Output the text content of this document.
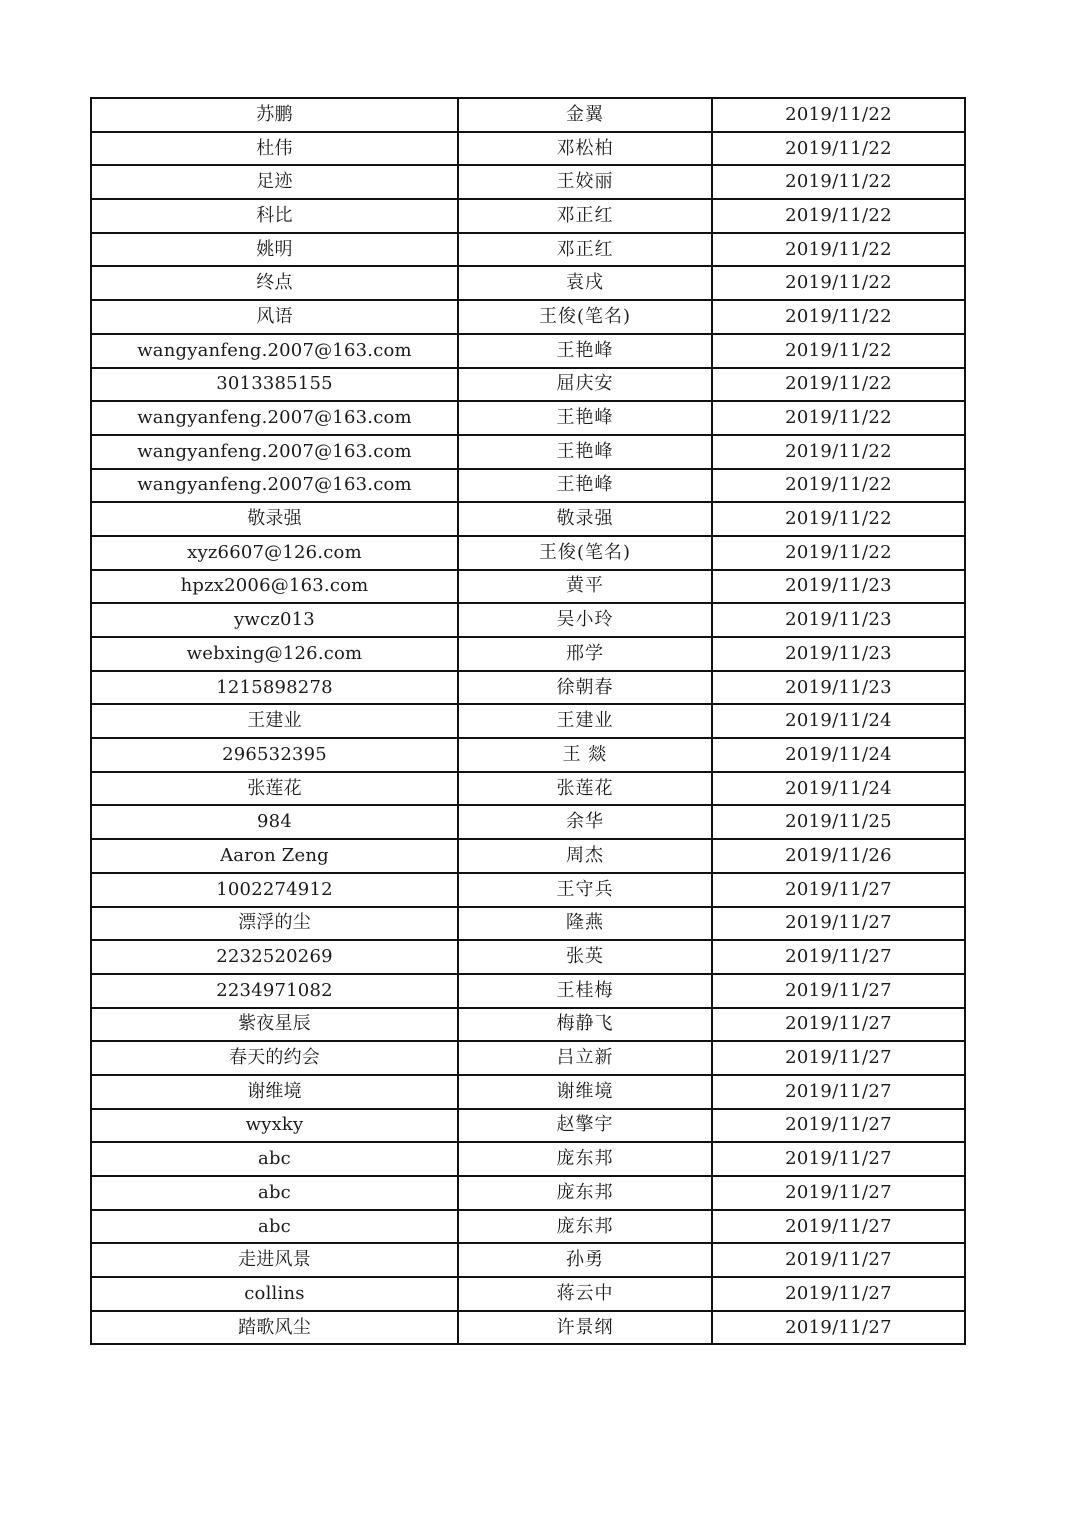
苏鹏	金翼	2019/11/22
杜伟	邓松柏	2019/11/22
足迹	王姣丽	2019/11/22
科比	邓正红	2019/11/22
姚明	邓正红	2019/11/22
终点	袁戌	2019/11/22
风语	王俊(笔名)	2019/11/22
wangyanfeng.2007@163.com	王艳峰	2019/11/22
3013385155	屈庆安	2019/11/22
wangyanfeng.2007@163.com	王艳峰	2019/11/22
wangyanfeng.2007@163.com	王艳峰	2019/11/22
wangyanfeng.2007@163.com	王艳峰	2019/11/22
敬录强	敬录强	2019/11/22
xyz6607@126.com	王俊(笔名)	2019/11/22
hpzx2006@163.com	黄平	2019/11/23
ywcz013	吴小玲	2019/11/23
webxing@126.com	邢学	2019/11/23
1215898278	徐朝春	2019/11/23
王建业	王建业	2019/11/24
296532395	王 燚	2019/11/24
张莲花	张莲花	2019/11/24
984	余华	2019/11/25
Aaron Zeng	周杰	2019/11/26
1002274912	王守兵	2019/11/27
漂浮的尘	隆燕	2019/11/27
2232520269	张英	2019/11/27
2234971082	王桂梅	2019/11/27
紫夜星辰	梅静飞	2019/11/27
春天的约会	吕立新	2019/11/27
谢维境	谢维境	2019/11/27
wyxky	赵擎宇	2019/11/27
abc	庞东邦	2019/11/27
abc	庞东邦	2019/11/27
abc	庞东邦	2019/11/27
走进风景	孙勇	2019/11/27
collins	蒋云中	2019/11/27
踏歌风尘	许景纲	2019/11/27
